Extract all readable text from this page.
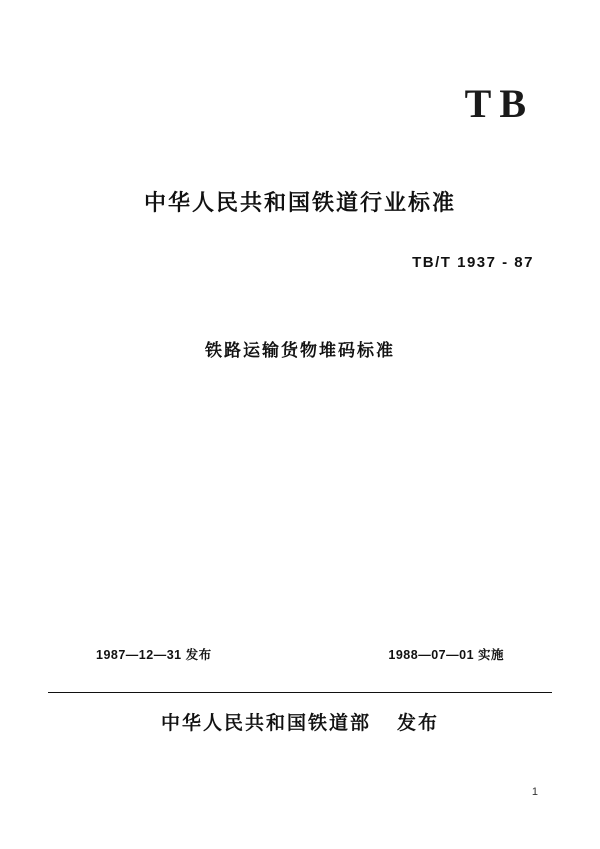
TB
中华人民共和国铁道行业标准
TB/T 1937 - 87
铁路运输货物堆码标准
1987—12—31 发布	1988—07—01 实施
中华人民共和国铁道部 发布
1
